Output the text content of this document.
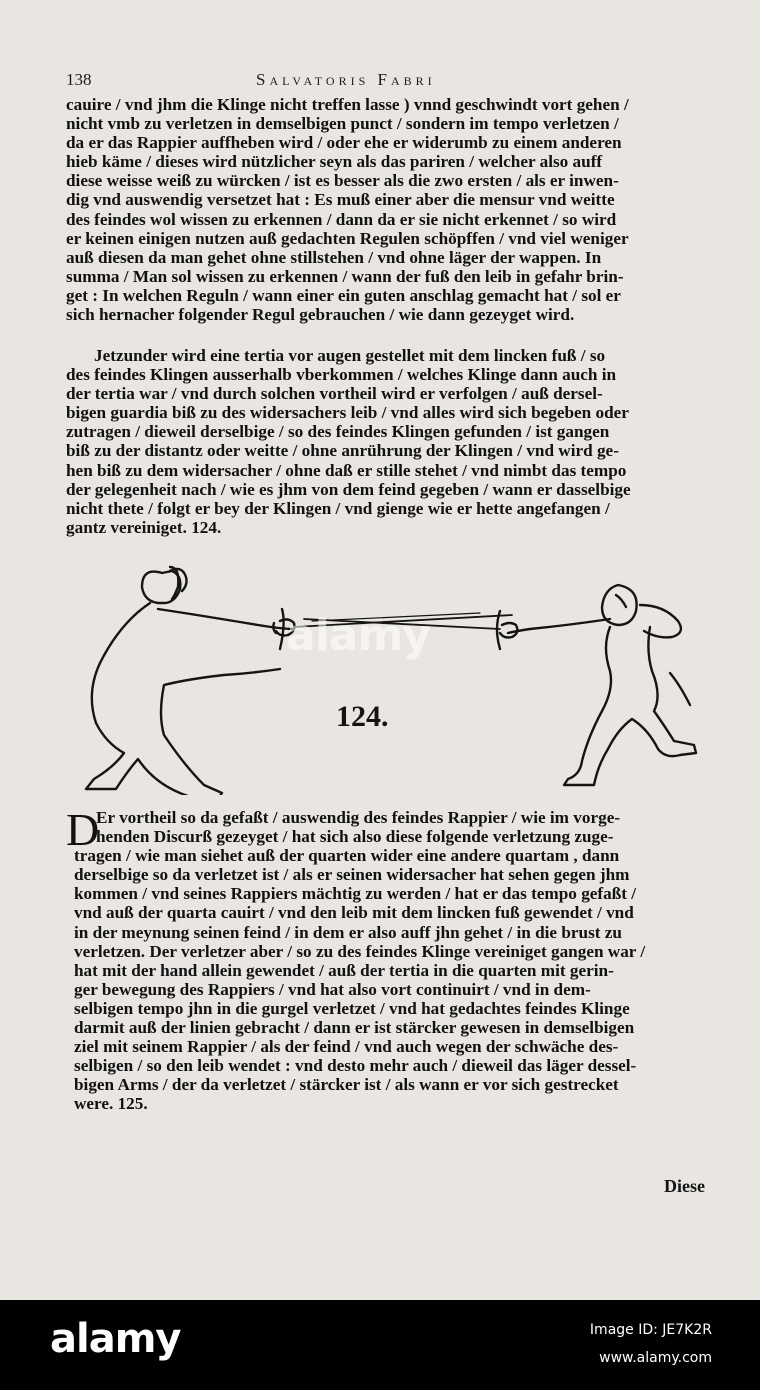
138	Salvatoris Fabri
cauire / vnd jhm die Klinge nicht treffen lasse ) vnnd geschwindt vort gehen /
nicht vmb zu verletzen in demselbigen punct / sondern im tempo verletzen /
da er das Rappier auffheben wird / oder ehe er widerumb zu einem anderen
hieb käme / dieses wird nützlicher seyn als das pariren / welcher also auff
diese weisse weiß zu würcken / ist es besser als die zwo ersten / als er inwen-
dig vnd auswendig versetzet hat : Es muß einer aber die mensur vnd weitte
des feindes wol wissen zu erkennen / dann da er sie nicht erkennet / so wird
er keinen einigen nutzen auß gedachten Regulen schöpffen / vnd viel weniger
auß diesen da man gehet ohne stillstehen / vnd ohne läger der wappen. In
summa / Man sol wissen zu erkennen / wann der fuß den leib in gefahr brin-
get : In welchen Reguln / wann einer ein guten anschlag gemacht hat / sol er
sich hernacher folgender Regul gebrauchen / wie dann gezeyget wird.
Jetzunder wird eine tertia vor augen gestellet mit dem lincken fuß / so
des feindes Klingen ausserhalb vberkommen / welches Klinge dann auch in
der tertia war / vnd durch solchen vortheil wird er verfolgen / auß dersel-
bigen guardia biß zu des widersachers leib / vnd alles wird sich begeben oder
zutragen / dieweil derselbige / so des feindes Klingen gefunden / ist gangen
biß zu der distantz oder weitte / ohne anrührung der Klingen / vnd wird ge-
hen biß zu dem widersacher / ohne daß er stille stehet / vnd nimbt das tempo
der gelegenheit nach / wie es jhm von dem feind gegeben / wann er dasselbige
nicht thete / folgt er bey der Klingen / vnd gienge wie er hette angefangen /
gantz vereiniget. 124.
124.
D
Er vortheil so da gefaßt / auswendig des feindes Rappier / wie im vorge-
henden Discurß gezeyget / hat sich also diese folgende verletzung zuge-
tragen / wie man siehet auß der quarten wider eine andere quartam , dann
derselbige so da verletzet ist / als er seinen widersacher hat sehen gegen jhm
kommen / vnd seines Rappiers mächtig zu werden / hat er das tempo gefaßt /
vnd auß der quarta cauirt / vnd den leib mit dem lincken fuß gewendet / vnd
in der meynung seinen feind / in dem er also auff jhn gehet / in die brust zu
verletzen. Der verletzer aber / so zu des feindes Klinge vereiniget gangen war /
hat mit der hand allein gewendet / auß der tertia in die quarten mit gerin-
ger bewegung des Rappiers / vnd hat also vort continuirt / vnd in dem-
selbigen tempo jhn in die gurgel verletzet / vnd hat gedachtes feindes Klinge
darmit auß der linien gebracht / dann er ist stärcker gewesen in demselbigen
ziel mit seinem Rappier / als der feind / vnd auch wegen der schwäche des-
selbigen / so den leib wendet : vnd desto mehr auch / dieweil das läger dessel-
bigen Arms / der da verletzet / stärcker ist / als wann er vor sich gestrecket
were. 125.
Diese
alamy
alamy	Image ID: JE7K2R
www.alamy.com
